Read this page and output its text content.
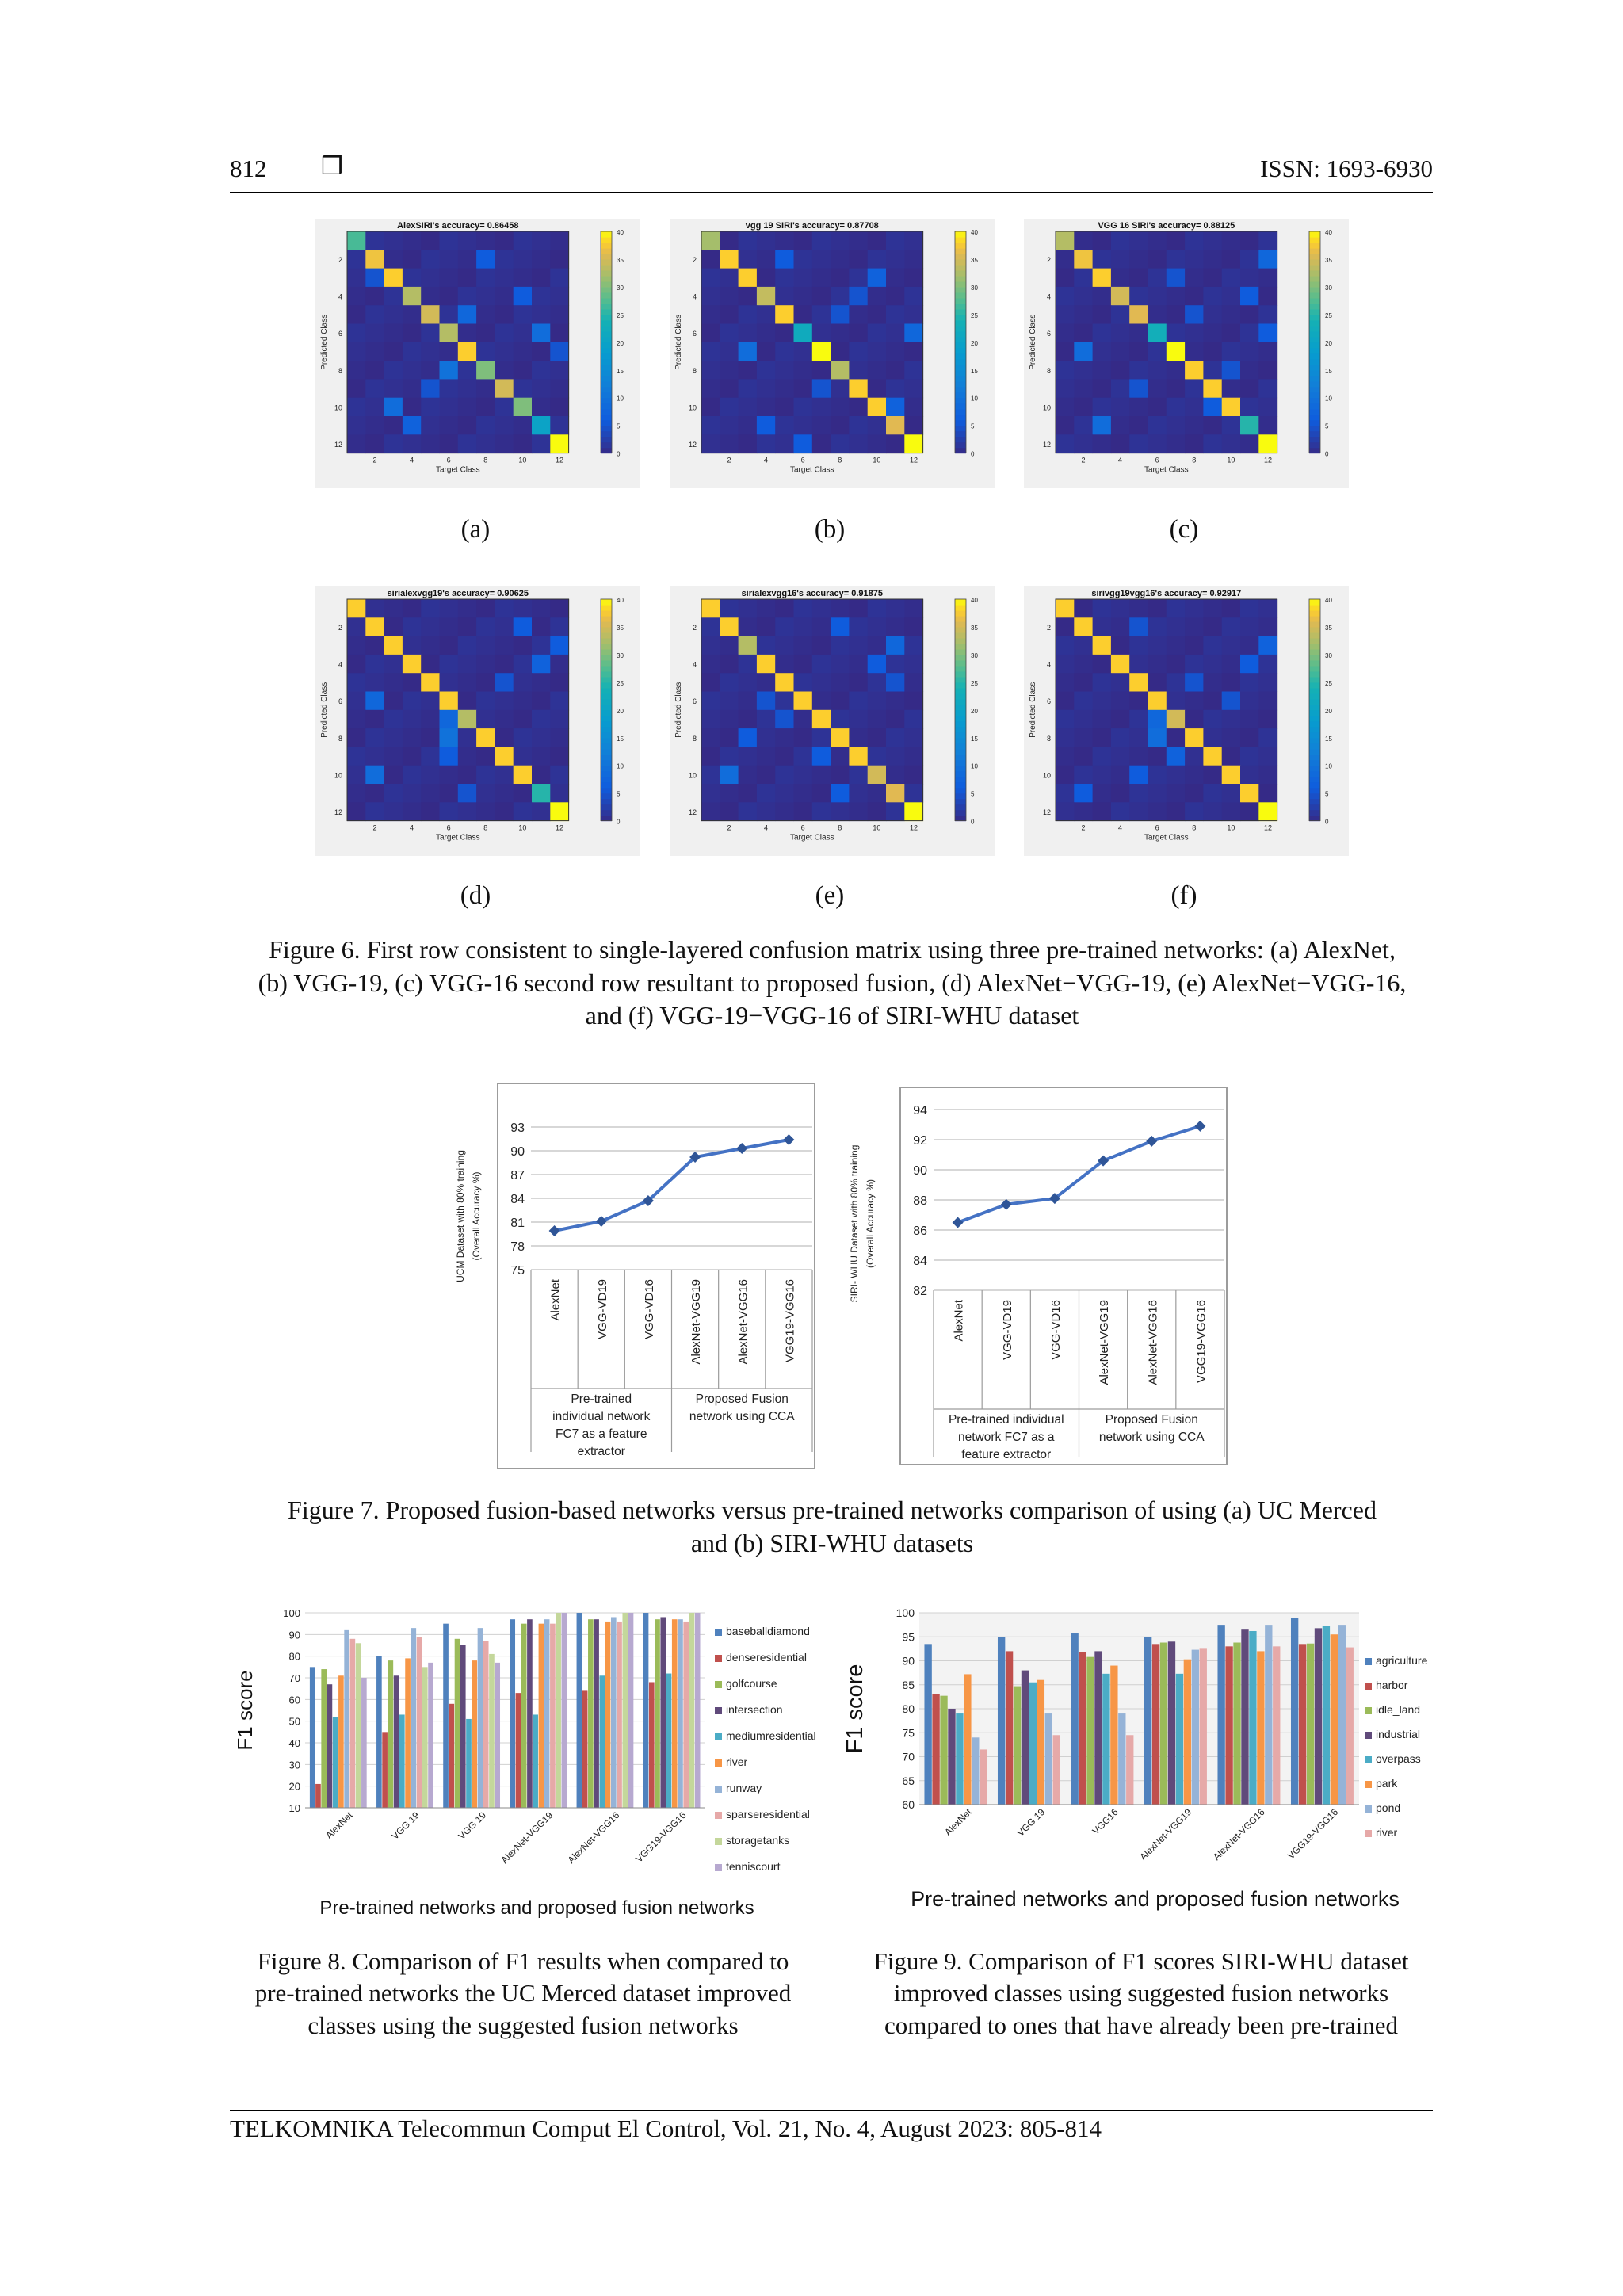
812 ❒	ISSN: 1693-6930
AlexSIRI's accuracy= 0.86458
2
2
4
4
6
6
8
8
10
10
12
12
Target Class
Predicted Class
40
35
30
25
20
15
10
5
0
(a)
vgg 19 SIRI's accuracy= 0.87708
2
2
4
4
6
6
8
8
10
10
12
12
Target Class
Predicted Class
40
35
30
25
20
15
10
5
0
(b)
VGG 16 SIRI's accuracy= 0.88125
2
2
4
4
6
6
8
8
10
10
12
12
Target Class
Predicted Class
40
35
30
25
20
15
10
5
0
(c)
sirialexvgg19's accuracy= 0.90625
2
2
4
4
6
6
8
8
10
10
12
12
Target Class
Predicted Class
40
35
30
25
20
15
10
5
0
(d)
sirialexvgg16's accuracy= 0.91875
2
2
4
4
6
6
8
8
10
10
12
12
Target Class
Predicted Class
40
35
30
25
20
15
10
5
0
(e)
sirivgg19vgg16's accuracy= 0.92917
2
2
4
4
6
6
8
8
10
10
12
12
Target Class
Predicted Class
40
35
30
25
20
15
10
5
0
(f)
Figure 6. First row consistent to single-layered confusion matrix using three pre-trained networks: (a) AlexNet,
(b) VGG-19, (c) VGG-16 second row resultant to proposed fusion, (d) AlexNet−VGG-19, (e) AlexNet−VGG-16,
and (f) VGG-19−VGG-16 of SIRI-WHU dataset
75
78
81
84
87
90
93
AlexNet	VGG-VD19	VGG-VD16	AlexNet-VGG19	AlexNet-VGG16	VGG19-VGG16
Pre-trained
individual network
FC7 as a feature
extractor
Proposed Fusion
network using CCA
UCM Dataset with 80% training (Overall Accuracy %)
82
84
86
88
90
92
94
AlexNet	VGG-VD19	VGG-VD16	AlexNet-VGG19	AlexNet-VGG16	VGG19-VGG16
Pre-trained individual
network FC7 as a
feature extractor
Proposed Fusion
network using CCA
SIRI- WHU Dataset with 80% training (Overall Accuracy %)
Figure 7. Proposed fusion-based networks versus pre-trained networks comparison of using (a) UC Merced
and (b) SIRI-WHU datasets
10
20
30
40
50
60
70
80
90
100
AlexNet	VGG 19	VGG 19 AlexNet-VGG19 AlexNet-VGG16 VGG19-VGG16
baseballdiamond
denseresidential
golfcourse
intersection
mediumresidential
river
runway
sparseresidential
storagetanks
tenniscourt
F1 score
Pre-trained networks and proposed fusion networks
60
65
70
75
80
85
90
95
100
AlexNet	VGG 19	VGG16 AlexNet-VGG19 AlexNet-VGG16 VGG19-VGG16
agriculture
harbor
idle_land
industrial
overpass
park
pond
river
F1 score
Pre-trained networks and proposed fusion networks
Figure 8. Comparison of F1 results when compared to
pre-trained networks the UC Merced dataset improved
classes using the suggested fusion networks
Figure 9. Comparison of F1 scores SIRI-WHU dataset
improved classes using suggested fusion networks
compared to ones that have already been pre-trained
TELKOMNIKA Telecommun Comput El Control, Vol. 21, No. 4, August 2023: 805-814
